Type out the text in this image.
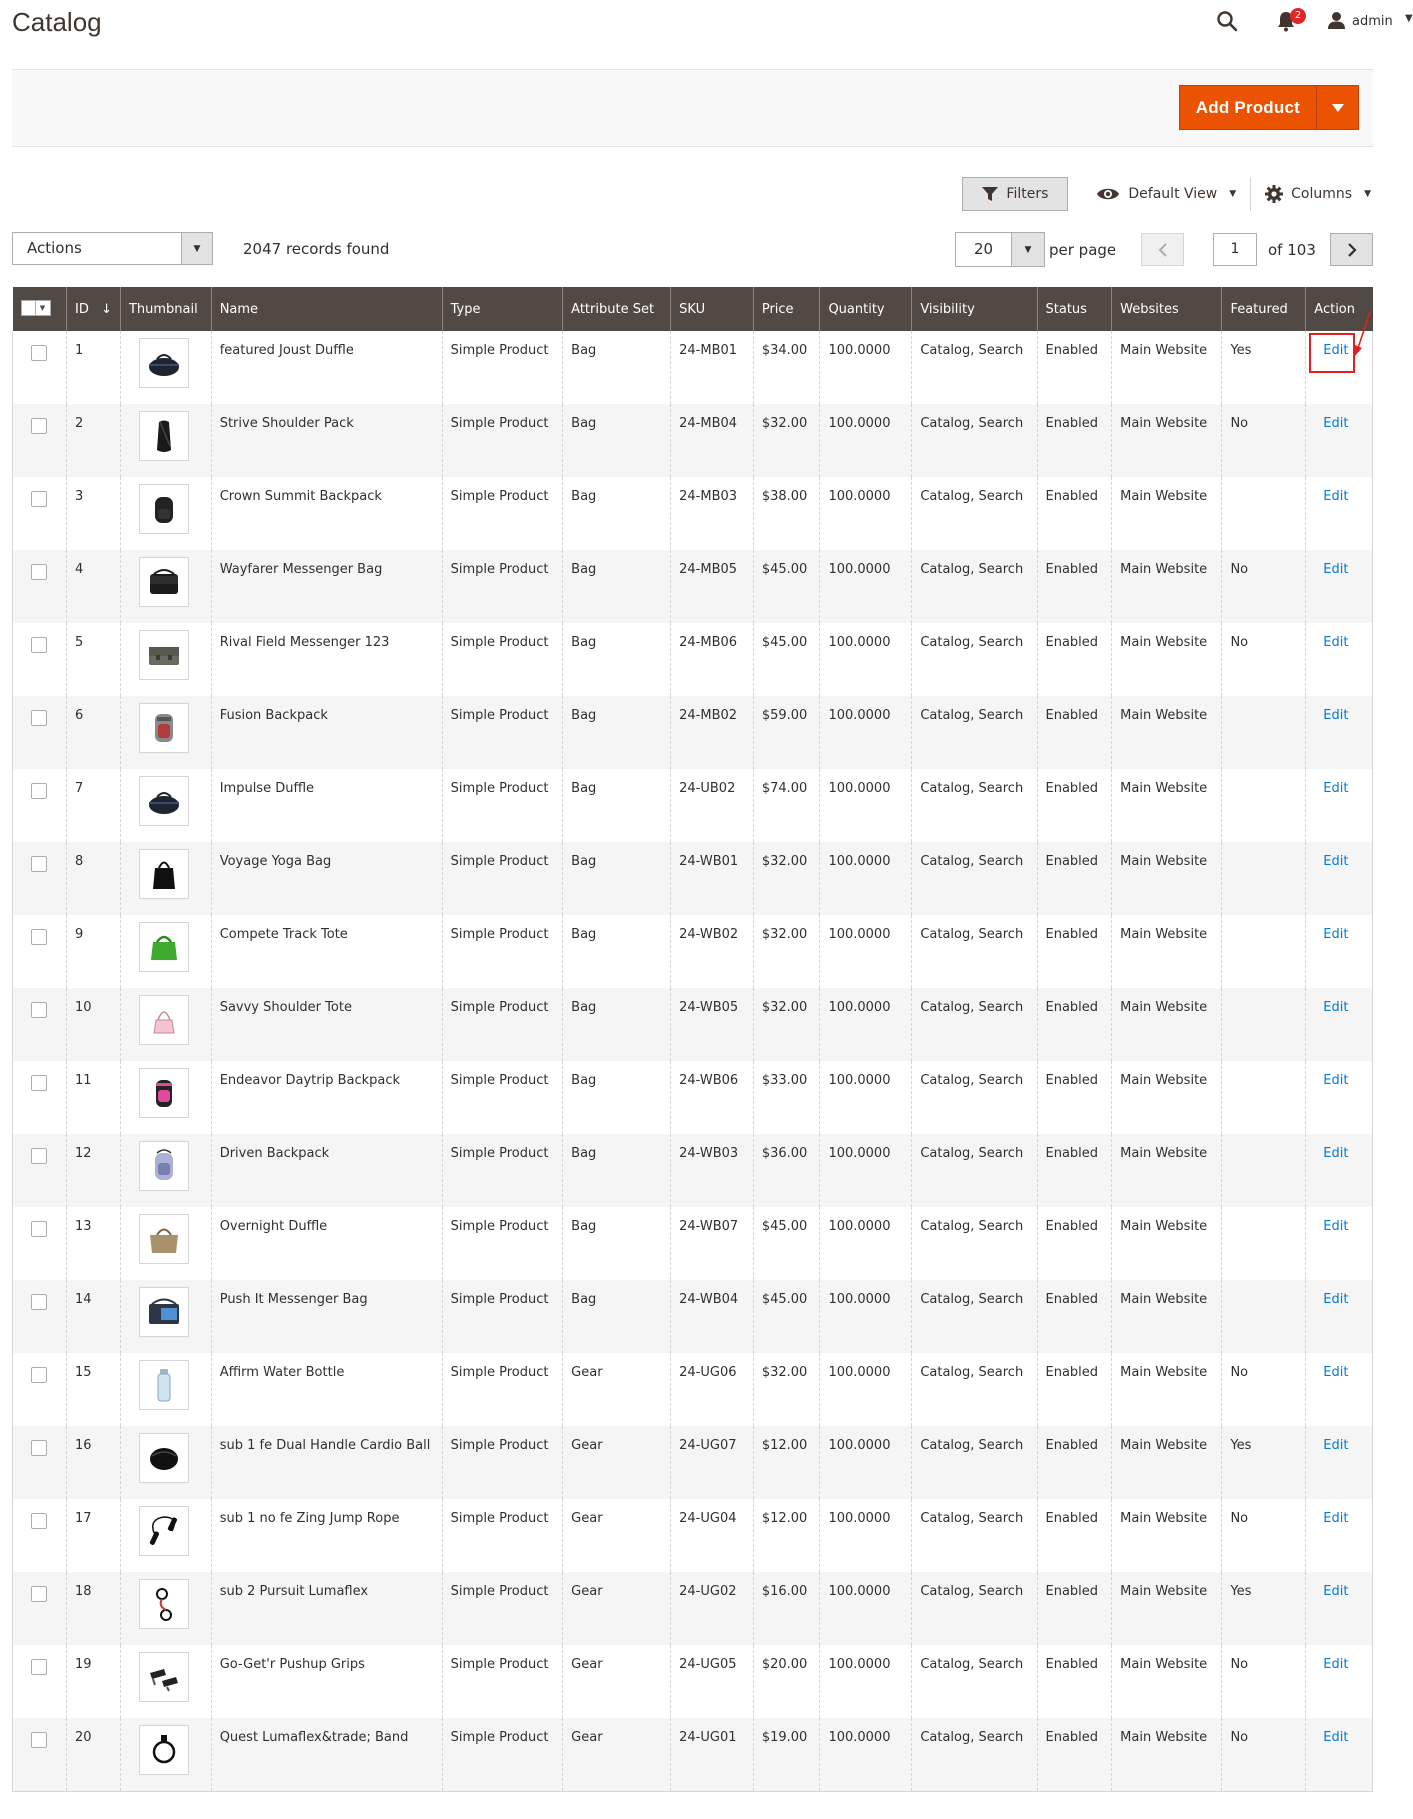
Catalog	2	admin ▼
Add Product
Filters	Default View ▼	Columns ▼
Actions	▼	2047 records found	20	▼	per page	1	of 103
▼	ID ↓	Thumbnail	Name	Type	Attribute Set	SKU	Price	Quantity	Visibility	Status	Websites	Featured	Action
	1		featured Joust Duffle	Simple Product	Bag	24-MB01	$34.00	100.0000	Catalog, Search	Enabled	Main Website	Yes	Edit
	2		Strive Shoulder Pack	Simple Product	Bag	24-MB04	$32.00	100.0000	Catalog, Search	Enabled	Main Website	No	Edit
	3		Crown Summit Backpack	Simple Product	Bag	24-MB03	$38.00	100.0000	Catalog, Search	Enabled	Main Website		Edit
	4		Wayfarer Messenger Bag	Simple Product	Bag	24-MB05	$45.00	100.0000	Catalog, Search	Enabled	Main Website	No	Edit
	5		Rival Field Messenger 123	Simple Product	Bag	24-MB06	$45.00	100.0000	Catalog, Search	Enabled	Main Website	No	Edit
	6		Fusion Backpack	Simple Product	Bag	24-MB02	$59.00	100.0000	Catalog, Search	Enabled	Main Website		Edit
	7		Impulse Duffle	Simple Product	Bag	24-UB02	$74.00	100.0000	Catalog, Search	Enabled	Main Website		Edit
	8		Voyage Yoga Bag	Simple Product	Bag	24-WB01	$32.00	100.0000	Catalog, Search	Enabled	Main Website		Edit
	9		Compete Track Tote	Simple Product	Bag	24-WB02	$32.00	100.0000	Catalog, Search	Enabled	Main Website		Edit
	10		Savvy Shoulder Tote	Simple Product	Bag	24-WB05	$32.00	100.0000	Catalog, Search	Enabled	Main Website		Edit
	11		Endeavor Daytrip Backpack	Simple Product	Bag	24-WB06	$33.00	100.0000	Catalog, Search	Enabled	Main Website		Edit
	12		Driven Backpack	Simple Product	Bag	24-WB03	$36.00	100.0000	Catalog, Search	Enabled	Main Website		Edit
	13		Overnight Duffle	Simple Product	Bag	24-WB07	$45.00	100.0000	Catalog, Search	Enabled	Main Website		Edit
	14		Push It Messenger Bag	Simple Product	Bag	24-WB04	$45.00	100.0000	Catalog, Search	Enabled	Main Website		Edit
	15		Affirm Water Bottle	Simple Product	Gear	24-UG06	$32.00	100.0000	Catalog, Search	Enabled	Main Website	No	Edit
	16		sub 1 fe Dual Handle Cardio Ball	Simple Product	Gear	24-UG07	$12.00	100.0000	Catalog, Search	Enabled	Main Website	Yes	Edit
	17		sub 1 no fe Zing Jump Rope	Simple Product	Gear	24-UG04	$12.00	100.0000	Catalog, Search	Enabled	Main Website	No	Edit
	18		sub 2 Pursuit Lumaflex	Simple Product	Gear	24-UG02	$16.00	100.0000	Catalog, Search	Enabled	Main Website	Yes	Edit
	19		Go-Get'r Pushup Grips	Simple Product	Gear	24-UG05	$20.00	100.0000	Catalog, Search	Enabled	Main Website	No	Edit
	20		Quest Lumaflex&trade; Band	Simple Product	Gear	24-UG01	$19.00	100.0000	Catalog, Search	Enabled	Main Website	No	Edit
